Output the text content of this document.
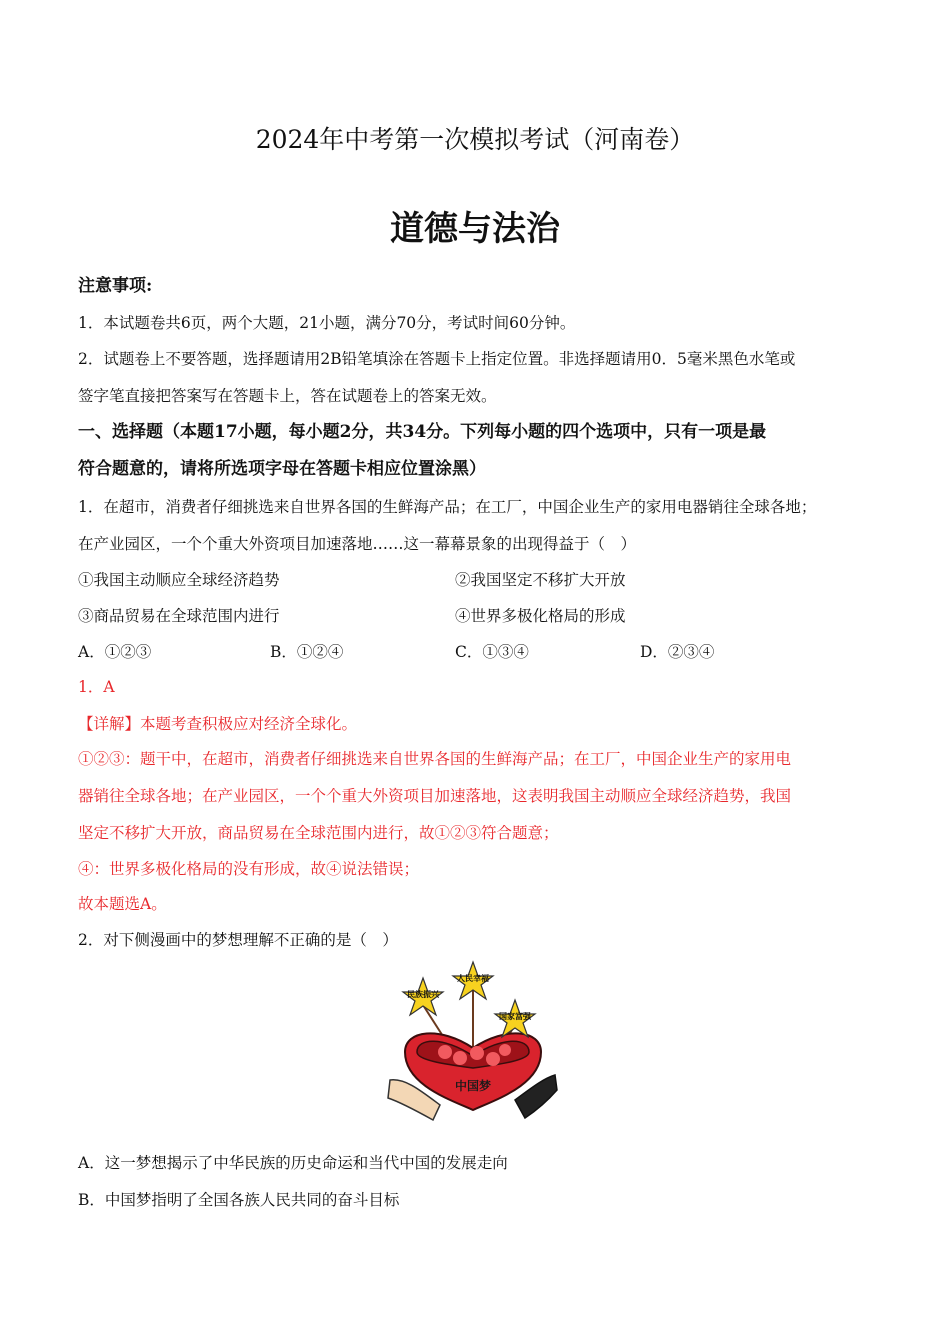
2024年中考第一次模拟考试（河南卷）
道德与法治
注意事项:
1．本试题卷共6页，两个大题，21小题，满分70分，考试时间60分钟。
2．试题卷上不要答题，选择题请用2B铅笔填涂在答题卡上指定位置。非选择题请用0．5毫米黑色水笔或
签字笔直接把答案写在答题卡上，答在试题卷上的答案无效。
一、选择题（本题17小题，每小题2分，共34分。下列每小题的四个选项中，只有一项是最
符合题意的，请将所选项字母在答题卡相应位置涂黑）
1．在超市，消费者仔细挑选来自世界各国的生鲜海产品；在工厂，中国企业生产的家用电器销往全球各地；
在产业园区，一个个重大外资项目加速落地……这一幕幕景象的出现得益于（　）
①我国主动顺应全球经济趋势	②我国坚定不移扩大开放
③商品贸易在全球范围内进行	④世界多极化格局的形成
A．①②③	B．①②④	C．①③④	D．②③④
1．A
【详解】本题考查积极应对经济全球化。
①②③：题干中，在超市，消费者仔细挑选来自世界各国的生鲜海产品；在工厂，中国企业生产的家用电
器销往全球各地；在产业园区，一个个重大外资项目加速落地，这表明我国主动顺应全球经济趋势，我国
坚定不移扩大开放，商品贸易在全球范围内进行，故①②③符合题意；
④：世界多极化格局的没有形成，故④说法错误；
故本题选A。
2．对下侧漫画中的梦想理解不正确的是（　）
民族振兴
人民幸福
国家富强
中国梦
A．这一梦想揭示了中华民族的历史命运和当代中国的发展走向
B．中国梦指明了全国各族人民共同的奋斗目标
